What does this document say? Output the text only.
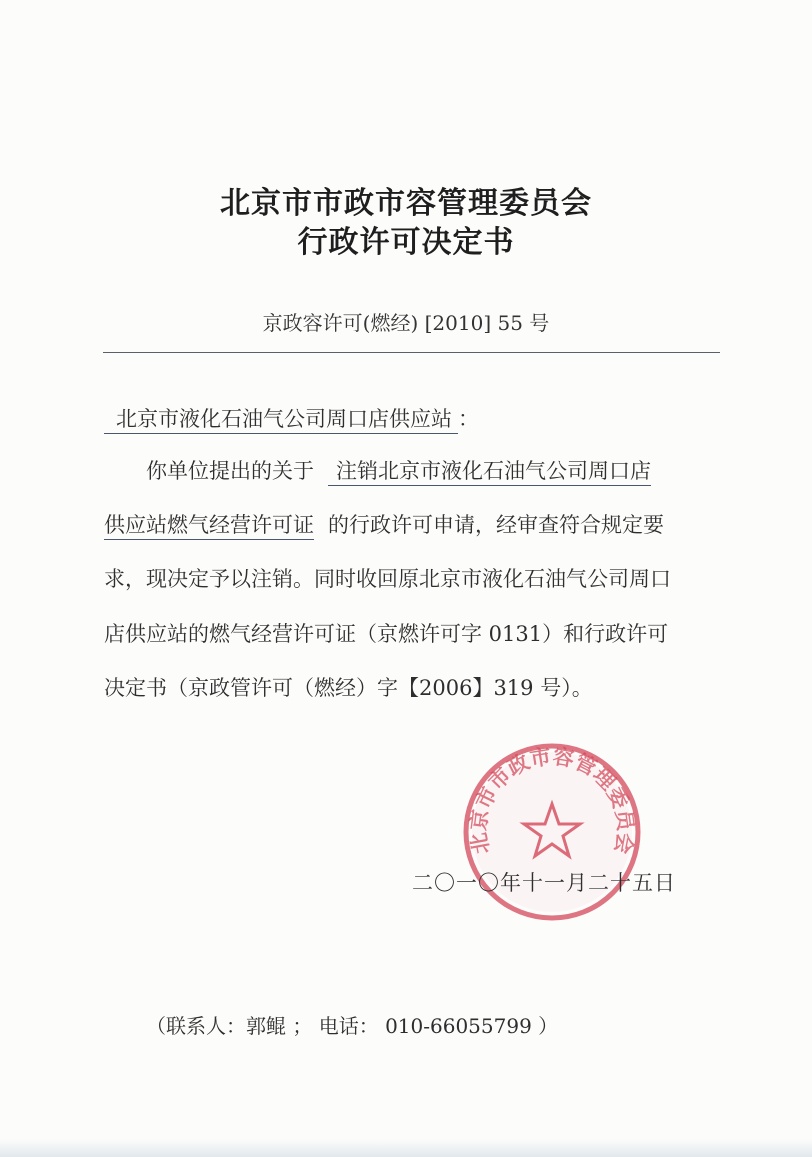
北京市市政市容管理委员会
行政许可决定书
京政容许可(燃经) [2010] 55 号
北京市液化石油气公司周口店供应站 ：
你单位提出的关于 注销北京市液化石油气公司周口店
供应站燃气经营许可证 的行政许可申请，经审查符合规定要
求，现决定予以注销。同时收回原北京市液化石油气公司周口
店供应站的燃气经营许可证（京燃许可字 0131）和行政许可
决定书（京政管许可（燃经）字【2006】319 号）。
北京市市政市容管理委员会
二〇一〇年十一月二十五日
（联系人：郭鲲 ； 电话： 010-66055799 ）
